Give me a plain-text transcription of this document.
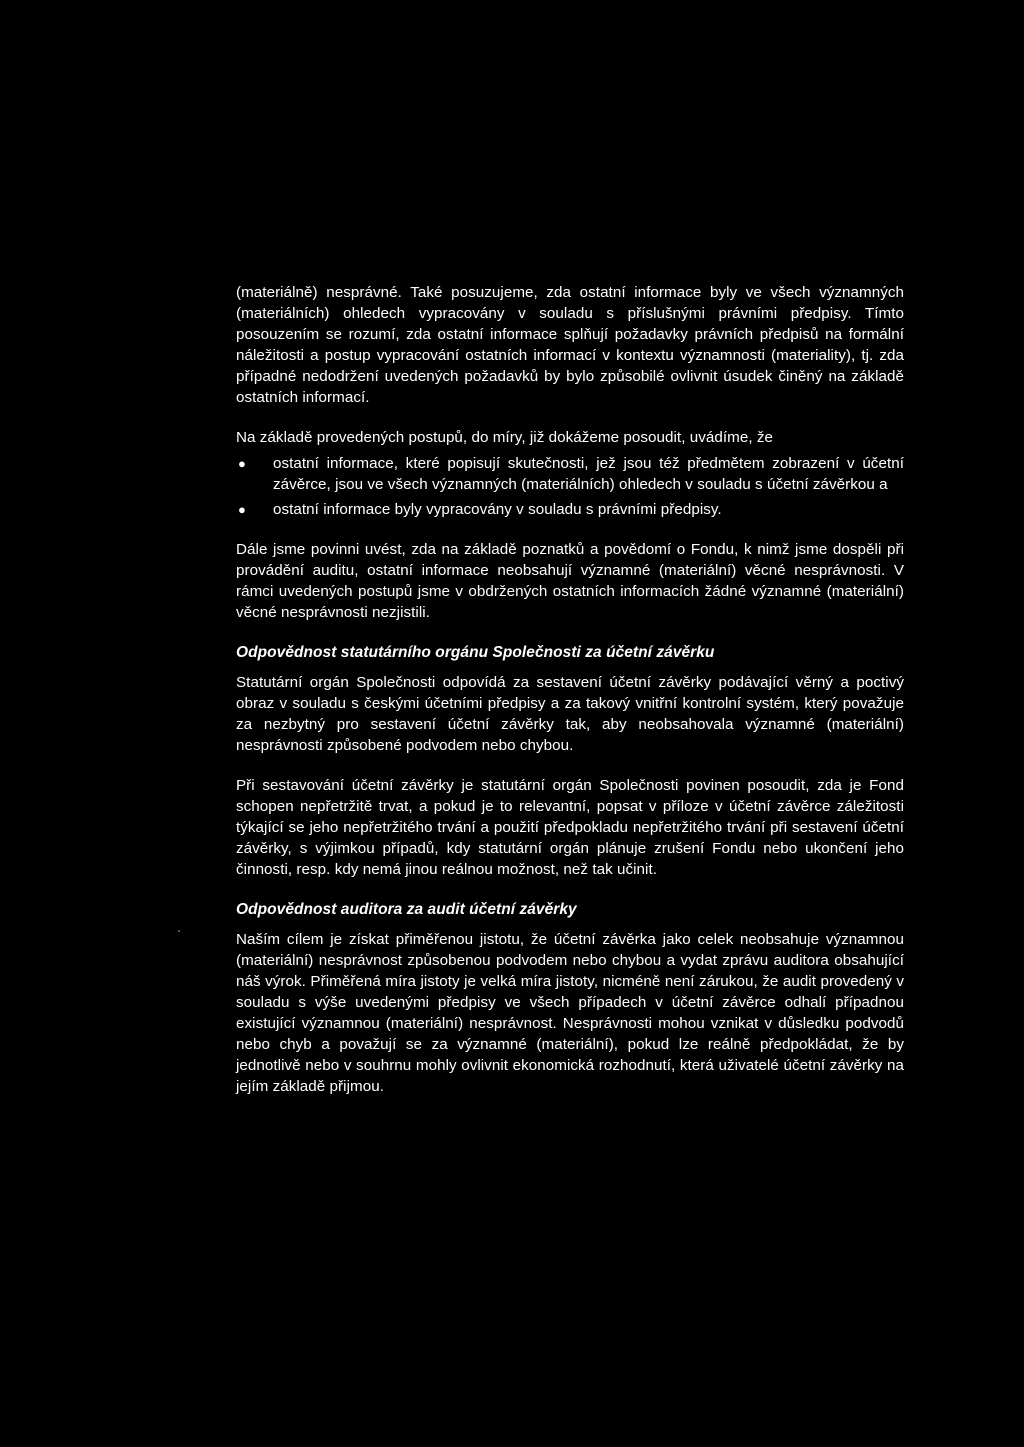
(materiálně) nesprávné. Také posuzujeme, zda ostatní informace byly ve všech významných (materiálních) ohledech vypracovány v souladu s příslušnými právními předpisy. Tímto posouzením se rozumí, zda ostatní informace splňují požadavky právních předpisů na formální náležitosti a postup vypracování ostatních informací v kontextu významnosti (materiality), tj. zda případné nedodržení uvedených požadavků by bylo způsobilé ovlivnit úsudek činěný na základě ostatních informací.

Na základě provedených postupů, do míry, již dokážeme posoudit, uvádíme, že

● ostatní informace, které popisují skutečnosti, jež jsou též předmětem zobrazení v účetní závěrce, jsou ve všech významných (materiálních) ohledech v souladu s účetní závěrkou a
● ostatní informace byly vypracovány v souladu s právními předpisy.

Dále jsme povinni uvést, zda na základě poznatků a povědomí o Fondu, k nimž jsme dospěli při provádění auditu, ostatní informace neobsahují významné (materiální) věcné nesprávnosti. V rámci uvedených postupů jsme v obdržených ostatních informacích žádné významné (materiální) věcné nesprávnosti nezjistili.

Odpovědnost statutárního orgánu Společnosti za účetní závěrku

Statutární orgán Společnosti odpovídá za sestavení účetní závěrky podávající věrný a poctivý obraz v souladu s českými účetními předpisy a za takový vnitřní kontrolní systém, který považuje za nezbytný pro sestavení účetní závěrky tak, aby neobsahovala významné (materiální) nesprávnosti způsobené podvodem nebo chybou.

Při sestavování účetní závěrky je statutární orgán Společnosti povinen posoudit, zda je Fond schopen nepřetržitě trvat, a pokud je to relevantní, popsat v příloze v účetní závěrce záležitosti týkající se jeho nepřetržitého trvání a použití předpokladu nepřetržitého trvání při sestavení účetní závěrky, s výjimkou případů, kdy statutární orgán plánuje zrušení Fondu nebo ukončení jeho činnosti, resp. kdy nemá jinou reálnou možnost, než tak učinit.

Odpovědnost auditora za audit účetní závěrky

Naším cílem je získat přiměřenou jistotu, že účetní závěrka jako celek neobsahuje významnou (materiální) nesprávnost způsobenou podvodem nebo chybou a vydat zprávu auditora obsahující náš výrok. Přiměřená míra jistoty je velká míra jistoty, nicméně není zárukou, že audit provedený v souladu s výše uvedenými předpisy ve všech případech v účetní závěrce odhalí případnou existující významnou (materiální) nesprávnost. Nesprávnosti mohou vznikat v důsledku podvodů nebo chyb a považují se za významné (materiální), pokud lze reálně předpokládat, že by jednotlivě nebo v souhrnu mohly ovlivnit ekonomická rozhodnutí, která uživatelé účetní závěrky na jejím základě přijmou.
